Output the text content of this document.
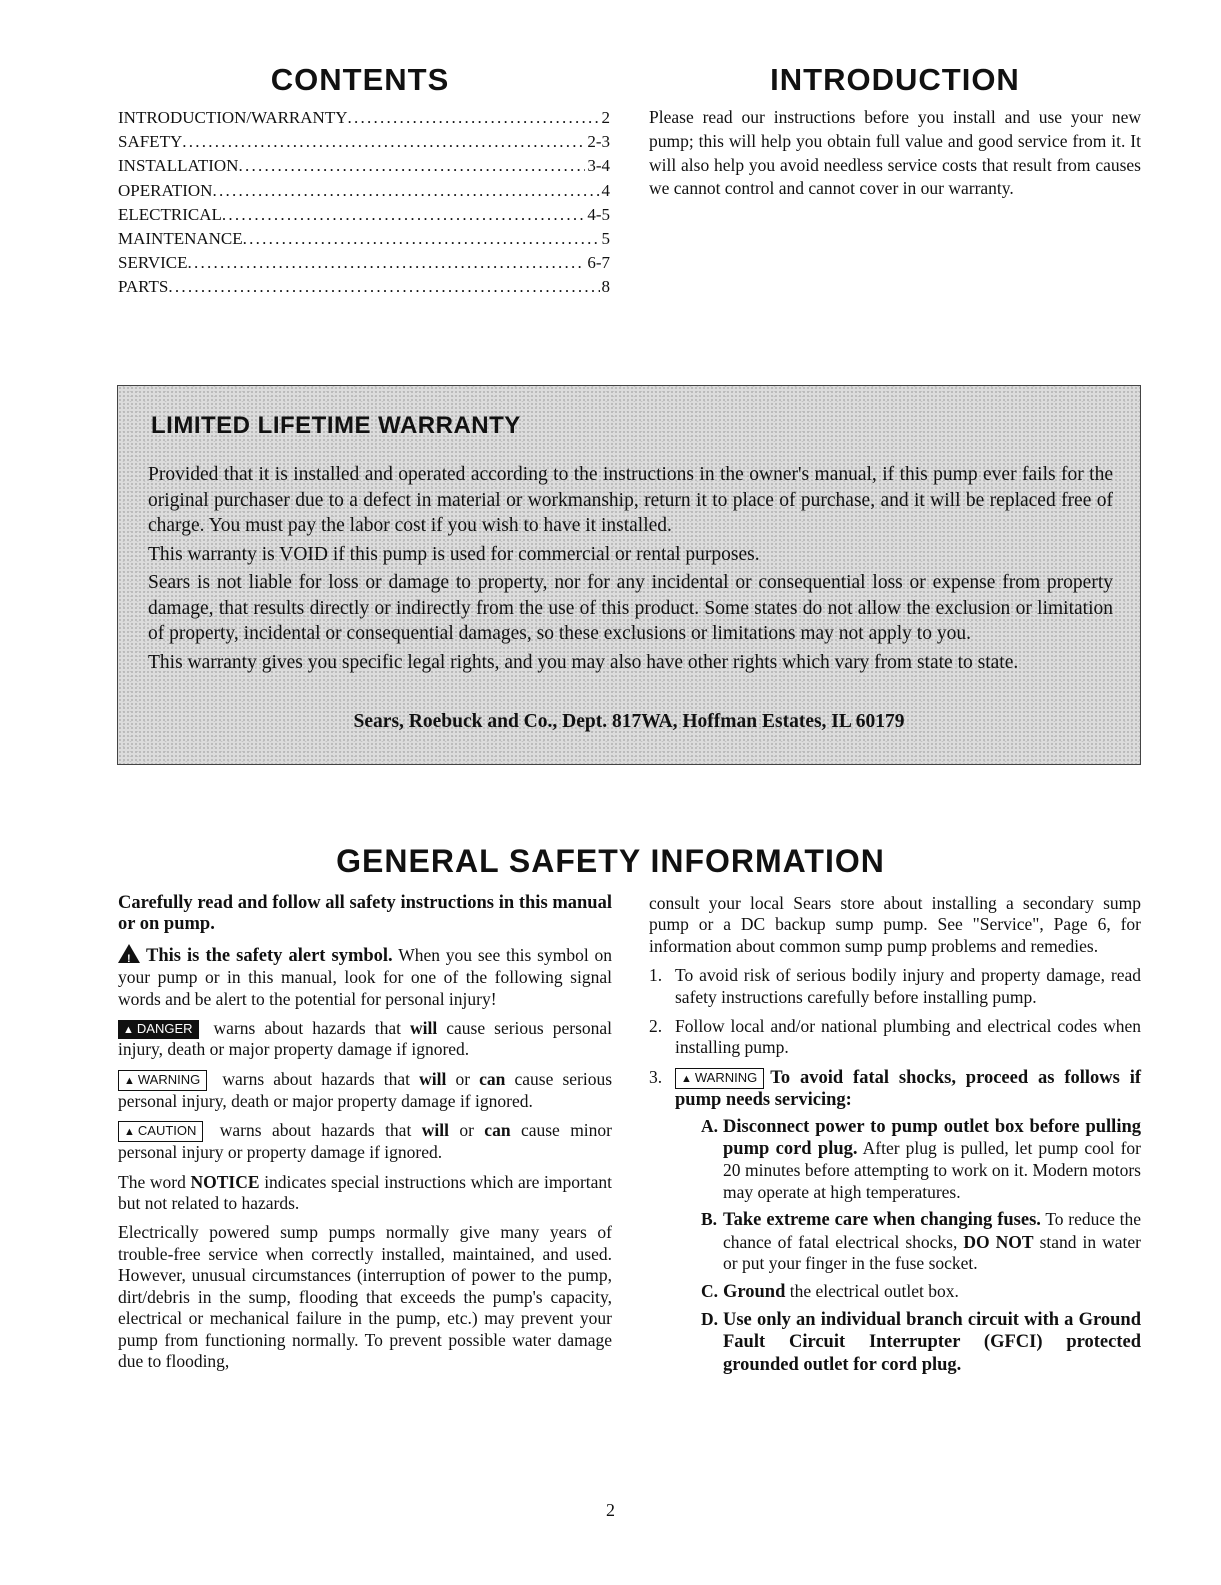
CONTENTS
INTRODUCTION/WARRANTY . . .	2
SAFETY . . .	2-3
INSTALLATION . . .	3-4
OPERATION . . .	4
ELECTRICAL . . .	4-5
MAINTENANCE . . .	5
SERVICE . . .	6-7
PARTS . . .	8
INTRODUCTION
Please read our instructions before you install and use your new pump; this will help you obtain full value and good service from it. It will also help you avoid needless service costs that result from causes we cannot control and cannot cover in our warranty.
LIMITED LIFETIME WARRANTY

Provided that it is installed and operated according to the instructions in the owner's manual, if this pump ever fails for the original purchaser due to a defect in material or workmanship, return it to place of purchase, and it will be replaced free of charge. You must pay the labor cost if you wish to have it installed.

This warranty is VOID if this pump is used for commercial or rental purposes.

Sears is not liable for loss or damage to property, nor for any incidental or consequential loss or expense from property damage, that results directly or indirectly from the use of this product. Some states do not allow the exclusion or limitation of property, incidental or consequential damages, so these exclusions or limitations may not apply to you.

This warranty gives you specific legal rights, and you may also have other rights which vary from state to state.

Sears, Roebuck and Co., Dept. 817WA, Hoffman Estates, IL 60179
GENERAL SAFETY INFORMATION

Carefully read and follow all safety instructions in this manual or on pump.

! This is the safety alert symbol. When you see this symbol on your pump or in this manual, look for one of the following signal words and be alert to the potential for personal injury!

▲ DANGER warns about hazards that will cause serious personal injury, death or major property damage if ignored.

▲ WARNING warns about hazards that will or can cause serious personal injury, death or major property damage if ignored.

▲ CAUTION warns about hazards that will or can cause minor personal injury or property damage if ignored.

The word NOTICE indicates special instructions which are important but not related to hazards.

Electrically powered sump pumps normally give many years of trouble-free service when correctly installed, maintained, and used. However, unusual circumstances (interruption of power to the pump, dirt/debris in the sump, flooding that exceeds the pump's capacity, electrical or mechanical failure in the pump, etc.) may prevent your pump from functioning normally. To prevent possible water damage due to flooding,

consult your local Sears store about installing a secondary sump pump or a DC backup sump pump. See "Service", Page 6, for information about common sump pump problems and remedies.

1. To avoid risk of serious bodily injury and property damage, read safety instructions carefully before installing pump.
2. Follow local and/or national plumbing and electrical codes when installing pump.
3. ▲ WARNING To avoid fatal shocks, proceed as follows if pump needs servicing:
A. Disconnect power to pump outlet box before pulling pump cord plug. After plug is pulled, let pump cool for 20 minutes before attempting to work on it. Modern motors may operate at high temperatures.
B. Take extreme care when changing fuses. To reduce the chance of fatal electrical shocks, DO NOT stand in water or put your finger in the fuse socket.
C. Ground the electrical outlet box.
D. Use only an individual branch circuit with a Ground Fault Circuit Interrupter (GFCI) protected grounded outlet for cord plug.
2
